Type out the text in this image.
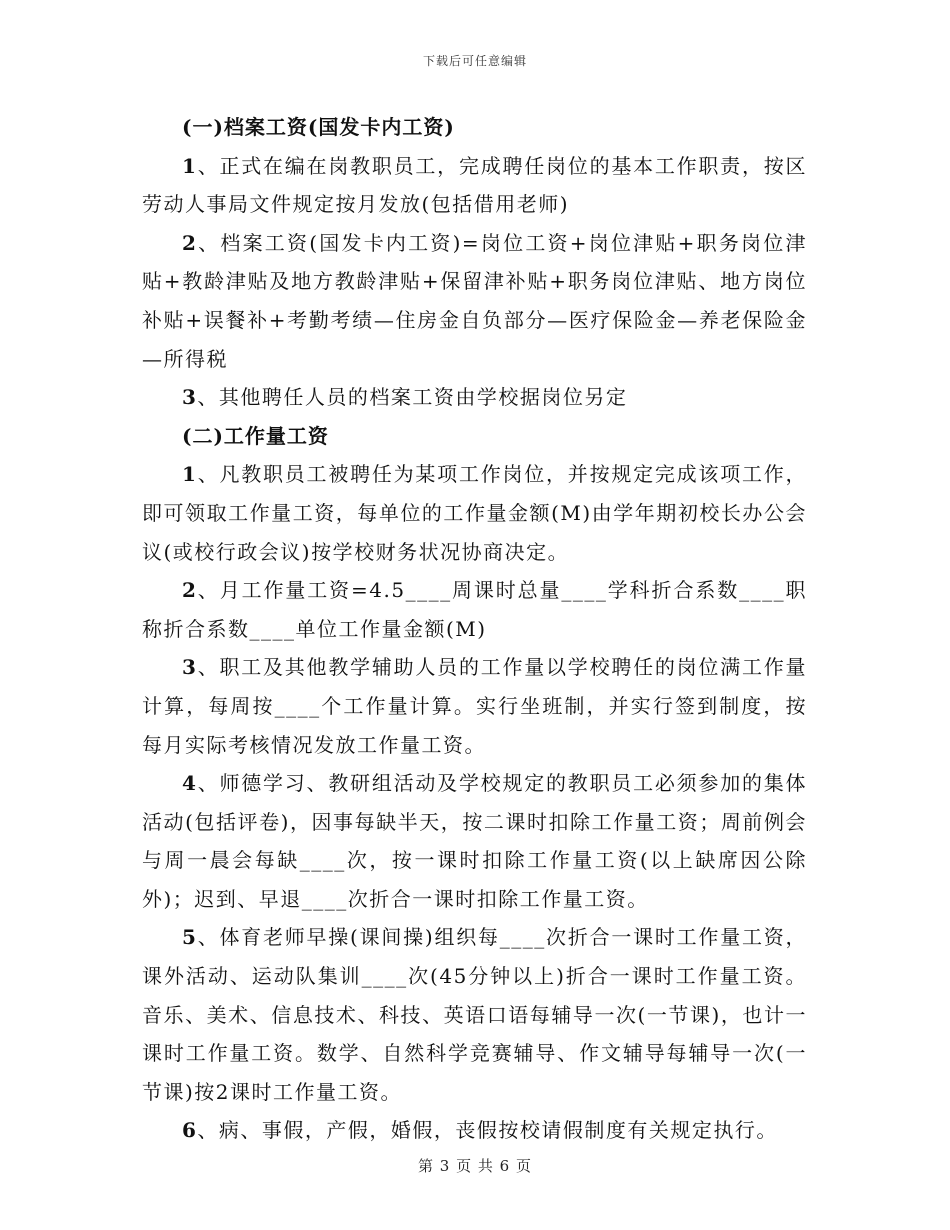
下载后可任意编辑

(一)档案工资(国发卡内工资)

1、正式在编在岗教职员工，完成聘任岗位的基本工作职责，按区劳动人事局文件规定按月发放(包括借用老师)

2、档案工资(国发卡内工资)=岗位工资+岗位津贴+职务岗位津贴+教龄津贴及地方教龄津贴+保留津补贴+职务岗位津贴、地方岗位补贴+误餐补+考勤考绩—住房金自负部分—医疗保险金—养老保险金—所得税

3、其他聘任人员的档案工资由学校据岗位另定

(二)工作量工资

1、凡教职员工被聘任为某项工作岗位，并按规定完成该项工作，即可领取工作量工资，每单位的工作量金额(M)由学年期初校长办公会议(或校行政会议)按学校财务状况协商决定。

2、月工作量工资=4.5____周课时总量____学科折合系数____职称折合系数____单位工作量金额(M)

3、职工及其他教学辅助人员的工作量以学校聘任的岗位满工作量计算，每周按____个工作量计算。实行坐班制，并实行签到制度，按每月实际考核情况发放工作量工资。

4、师德学习、教研组活动及学校规定的教职员工必须参加的集体活动(包括评卷)，因事每缺半天，按二课时扣除工作量工资；周前例会与周一晨会每缺____次，按一课时扣除工作量工资(以上缺席因公除外)；迟到、早退____次折合一课时扣除工作量工资。

5、体育老师早操(课间操)组织每____次折合一课时工作量工资，课外活动、运动队集训____次(45分钟以上)折合一课时工作量工资。音乐、美术、信息技术、科技、英语口语每辅导一次(一节课)，也计一课时工作量工资。数学、自然科学竞赛辅导、作文辅导每辅导一次(一节课)按2课时工作量工资。

6、病、事假，产假，婚假，丧假按校请假制度有关规定执行。

第 3 页 共 6 页
